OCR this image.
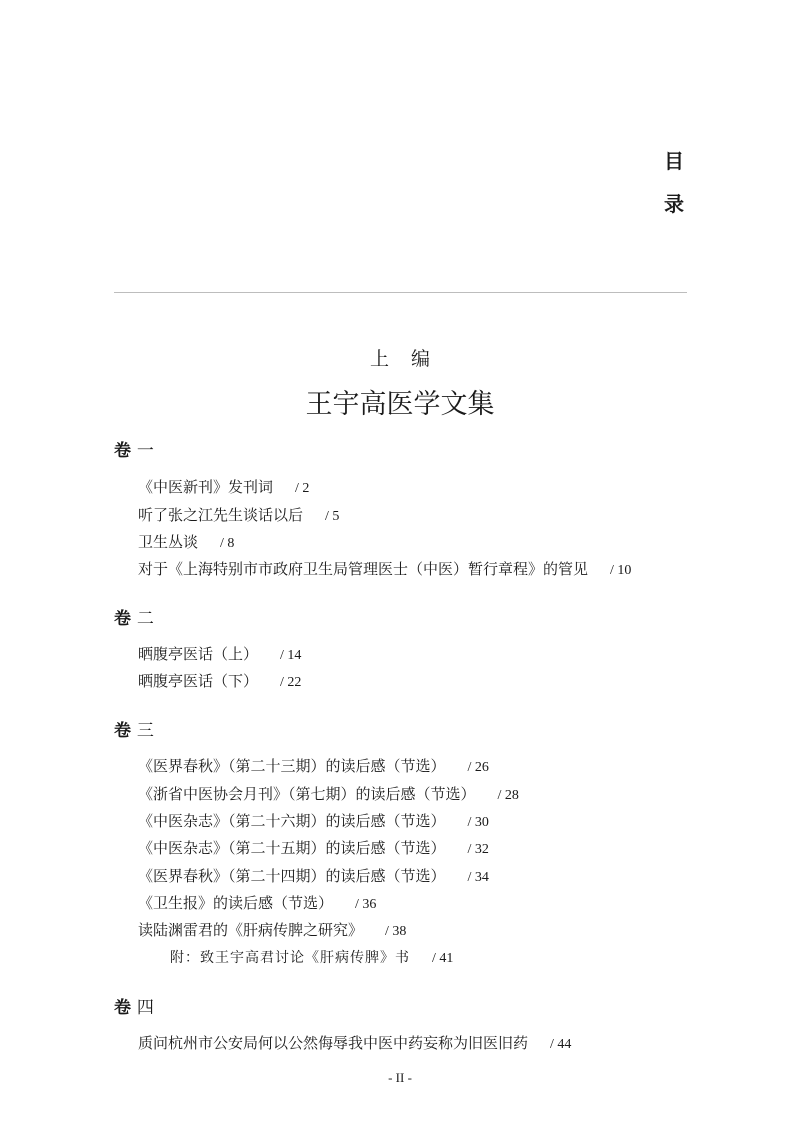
目
录
上编
王宇高医学文集
卷 一
《中医新刊》发刊词 / 2
听了张之江先生谈话以后 / 5
卫生丛谈 / 8
对于《上海特别市市政府卫生局管理医士（中医）暂行章程》的管见 / 10
卷 二
晒腹亭医话（上） / 14
晒腹亭医话（下） / 22
卷 三
《医界春秋》（第二十三期）的读后感（节选） / 26
《浙省中医协会月刊》（第七期）的读后感（节选） / 28
《中医杂志》（第二十六期）的读后感（节选） / 30
《中医杂志》（第二十五期）的读后感（节选） / 32
《医界春秋》（第二十四期）的读后感（节选） / 34
《卫生报》的读后感（节选） / 36
读陆渊雷君的《肝病传脾之研究》 / 38
附：致王宇高君讨论《肝病传脾》书 / 41
卷 四
质问杭州市公安局何以公然侮辱我中医中药妄称为旧医旧药 / 44
- II -
